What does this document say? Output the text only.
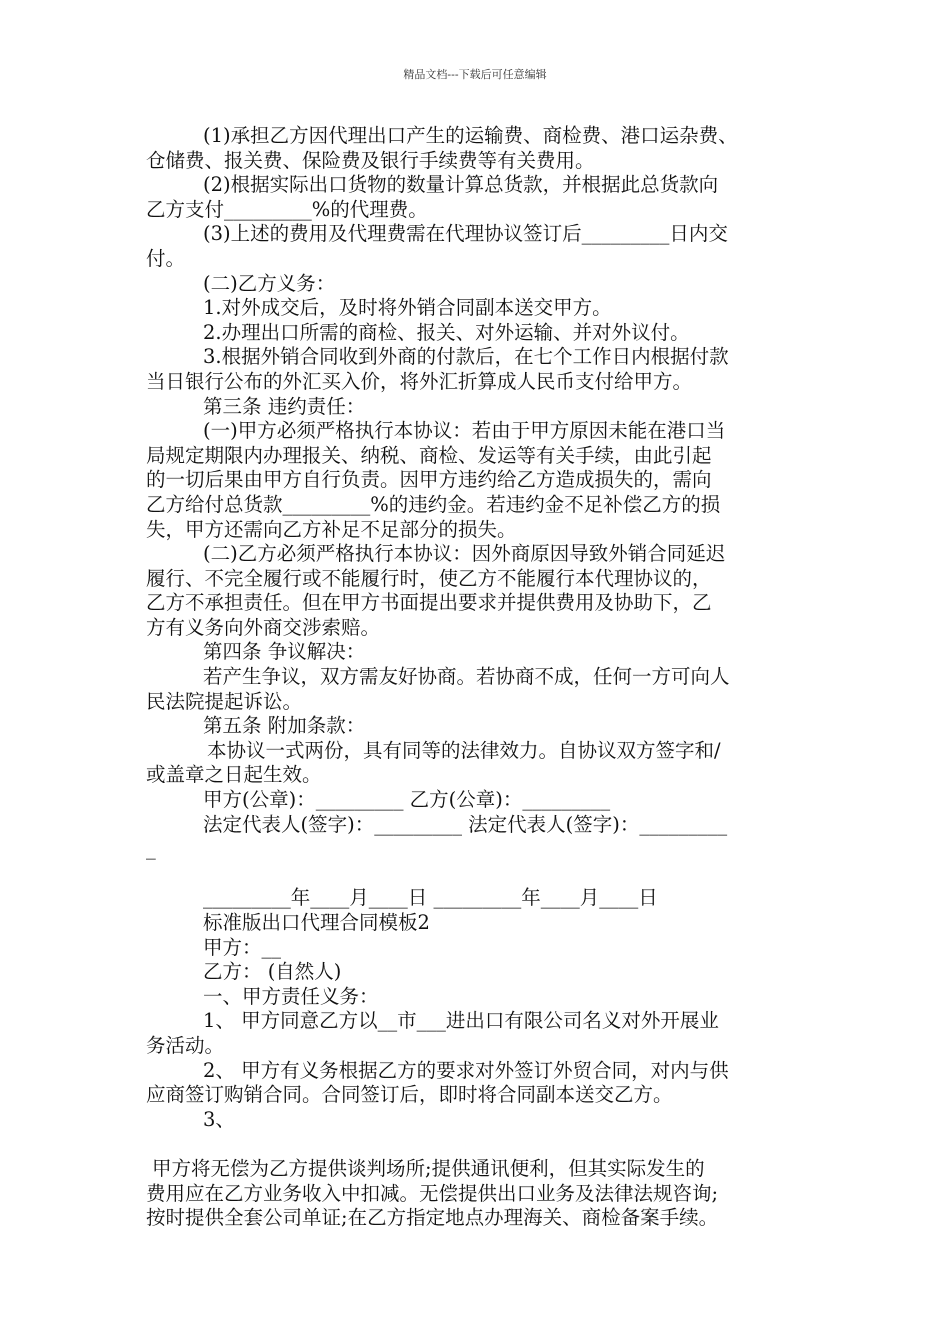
精品文档---下载后可任意编辑
(1)承担乙方因代理出口产生的运输费、商检费、港口运杂费、
仓储费、报关费、保险费及银行手续费等有关费用。
(2)根据实际出口货物的数量计算总货款，并根据此总货款向
乙方支付_________%的代理费。
(3)上述的费用及代理费需在代理协议签订后_________日内交
付。
(二)乙方义务：
1.对外成交后，及时将外销合同副本送交甲方。
2.办理出口所需的商检、报关、对外运输、并对外议付。
3.根据外销合同收到外商的付款后，在七个工作日内根据付款
当日银行公布的外汇买入价，将外汇折算成人民币支付给甲方。
第三条 违约责任：
(一)甲方必须严格执行本协议：若由于甲方原因未能在港口当
局规定期限内办理报关、纳税、商检、发运等有关手续，由此引起
的一切后果由甲方自行负责。因甲方违约给乙方造成损失的，需向
乙方给付总货款_________%的违约金。若违约金不足补偿乙方的损
失，甲方还需向乙方补足不足部分的损失。
(二)乙方必须严格执行本协议：因外商原因导致外销合同延迟
履行、不完全履行或不能履行时，使乙方不能履行本代理协议的，
乙方不承担责任。但在甲方书面提出要求并提供费用及协助下，乙
方有义务向外商交涉索赔。
第四条 争议解决：
若产生争议，双方需友好协商。若协商不成，任何一方可向人
民法院提起诉讼。
第五条 附加条款：
本协议一式两份，具有同等的法律效力。自协议双方签字和/
或盖章之日起生效。
甲方(公章)：_________ 乙方(公章)：_________
法定代表人(签字)：_________ 法定代表人(签字)：_________
_
_________年____月____日 _________年____月____日
标准版出口代理合同模板2
甲方：__
乙方： (自然人)
一、甲方责任义务：
1、 甲方同意乙方以__市___进出口有限公司名义对外开展业
务活动。
2、 甲方有义务根据乙方的要求对外签订外贸合同，对内与供
应商签订购销合同。合同签订后，即时将合同副本送交乙方。
3、
甲方将无偿为乙方提供谈判场所;提供通讯便利，但其实际发生的
费用应在乙方业务收入中扣减。无偿提供出口业务及法律法规咨询;
按时提供全套公司单证;在乙方指定地点办理海关、商检备案手续。
